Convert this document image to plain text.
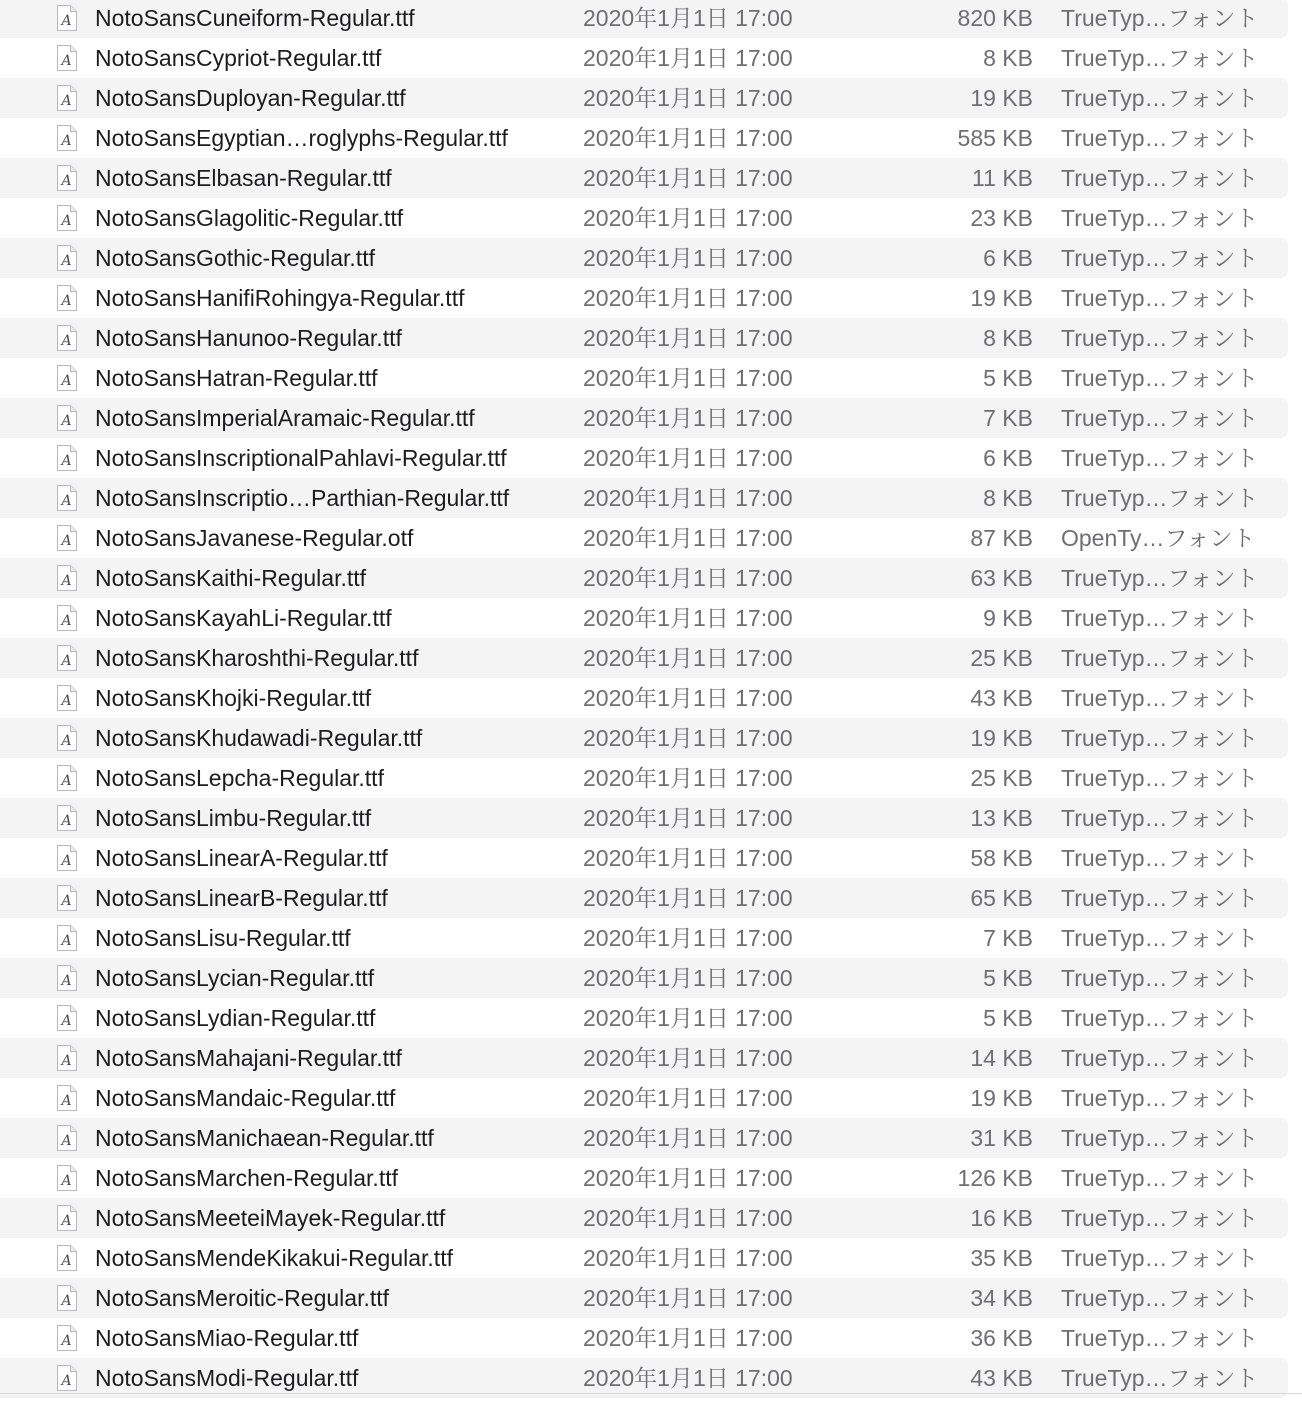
A NotoSansCuneiform-Regular.ttf	2020年1月1日 17:00	820 KB TrueTyp…フォント
A NotoSansCypriot-Regular.ttf	2020年1月1日 17:00	8 KB TrueTyp…フォント
A NotoSansDuployan-Regular.ttf	2020年1月1日 17:00	19 KB TrueTyp…フォント
A NotoSansEgyptian…roglyphs-Regular.ttf	2020年1月1日 17:00	585 KB TrueTyp…フォント
A NotoSansElbasan-Regular.ttf	2020年1月1日 17:00	11 KB TrueTyp…フォント
A NotoSansGlagolitic-Regular.ttf	2020年1月1日 17:00	23 KB TrueTyp…フォント
A NotoSansGothic-Regular.ttf	2020年1月1日 17:00	6 KB TrueTyp…フォント
A NotoSansHanifiRohingya-Regular.ttf	2020年1月1日 17:00	19 KB TrueTyp…フォント
A NotoSansHanunoo-Regular.ttf	2020年1月1日 17:00	8 KB TrueTyp…フォント
A NotoSansHatran-Regular.ttf	2020年1月1日 17:00	5 KB TrueTyp…フォント
A NotoSansImperialAramaic-Regular.ttf	2020年1月1日 17:00	7 KB TrueTyp…フォント
A NotoSansInscriptionalPahlavi-Regular.ttf	2020年1月1日 17:00	6 KB TrueTyp…フォント
A NotoSansInscriptio…Parthian-Regular.ttf	2020年1月1日 17:00	8 KB TrueTyp…フォント
A NotoSansJavanese-Regular.otf	2020年1月1日 17:00	87 KB OpenTy…フォント
A NotoSansKaithi-Regular.ttf	2020年1月1日 17:00	63 KB TrueTyp…フォント
A NotoSansKayahLi-Regular.ttf	2020年1月1日 17:00	9 KB TrueTyp…フォント
A NotoSansKharoshthi-Regular.ttf	2020年1月1日 17:00	25 KB TrueTyp…フォント
A NotoSansKhojki-Regular.ttf	2020年1月1日 17:00	43 KB TrueTyp…フォント
A NotoSansKhudawadi-Regular.ttf	2020年1月1日 17:00	19 KB TrueTyp…フォント
A NotoSansLepcha-Regular.ttf	2020年1月1日 17:00	25 KB TrueTyp…フォント
A NotoSansLimbu-Regular.ttf	2020年1月1日 17:00	13 KB TrueTyp…フォント
A NotoSansLinearA-Regular.ttf	2020年1月1日 17:00	58 KB TrueTyp…フォント
A NotoSansLinearB-Regular.ttf	2020年1月1日 17:00	65 KB TrueTyp…フォント
A NotoSansLisu-Regular.ttf	2020年1月1日 17:00	7 KB TrueTyp…フォント
A NotoSansLycian-Regular.ttf	2020年1月1日 17:00	5 KB TrueTyp…フォント
A NotoSansLydian-Regular.ttf	2020年1月1日 17:00	5 KB TrueTyp…フォント
A NotoSansMahajani-Regular.ttf	2020年1月1日 17:00	14 KB TrueTyp…フォント
A NotoSansMandaic-Regular.ttf	2020年1月1日 17:00	19 KB TrueTyp…フォント
A NotoSansManichaean-Regular.ttf	2020年1月1日 17:00	31 KB TrueTyp…フォント
A NotoSansMarchen-Regular.ttf	2020年1月1日 17:00	126 KB TrueTyp…フォント
A NotoSansMeeteiMayek-Regular.ttf	2020年1月1日 17:00	16 KB TrueTyp…フォント
A NotoSansMendeKikakui-Regular.ttf	2020年1月1日 17:00	35 KB TrueTyp…フォント
A NotoSansMeroitic-Regular.ttf	2020年1月1日 17:00	34 KB TrueTyp…フォント
A NotoSansMiao-Regular.ttf	2020年1月1日 17:00	36 KB TrueTyp…フォント
A NotoSansModi-Regular.ttf	2020年1月1日 17:00	43 KB TrueTyp…フォント
